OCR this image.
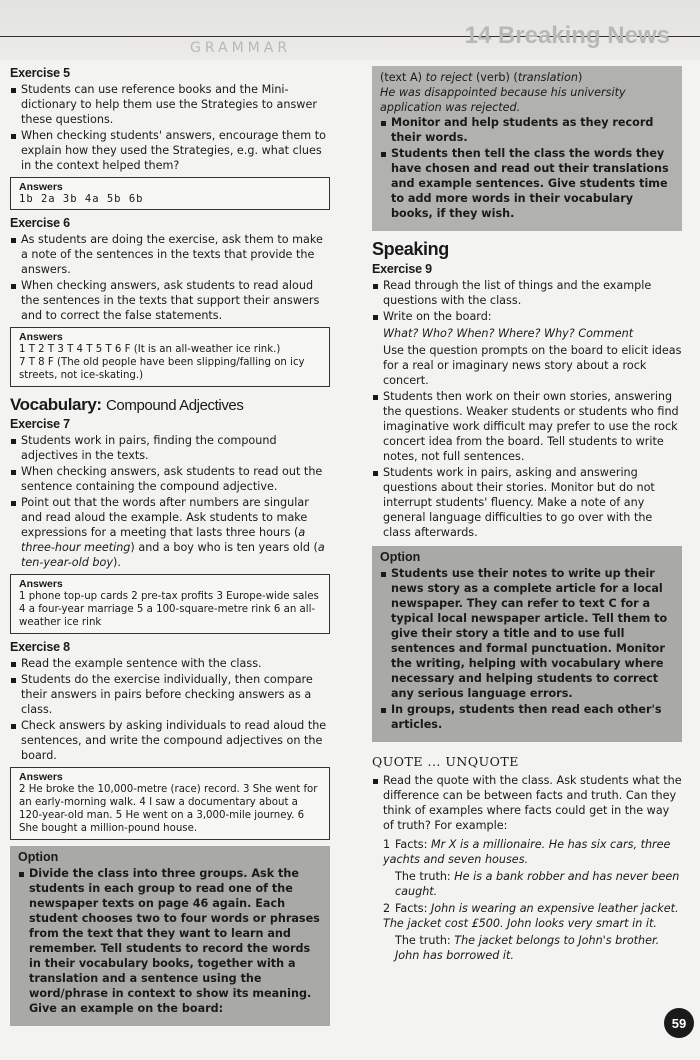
GRAMMAR	14 Breaking News
Exercise 5
Students can use reference books and the Mini-dictionary to help them use the Strategies to answer these questions.
When checking students' answers, encourage them to explain how they used the Strategies, e.g. what clues in the context helped them?
Answers
1b 2a 3b 4a 5b 6b
Exercise 6
As students are doing the exercise, ask them to make a note of the sentences in the texts that provide the answers.
When checking answers, ask students to read aloud the sentences in the texts that support their answers and to correct the false statements.
Answers
1 T 2 T 3 T 4 T 5 T 6 F (It is an all-weather ice rink.)
7 T 8 F (The old people have been slipping/falling on icy streets, not ice-skating.)
Vocabulary: Compound Adjectives
Exercise 7
Students work in pairs, finding the compound adjectives in the texts.
When checking answers, ask students to read out the sentence containing the compound adjective.
Point out that the words after numbers are singular and read aloud the example. Ask students to make expressions for a meeting that lasts three hours (a three-hour meeting) and a boy who is ten years old (a ten-year-old boy).
Answers
1 phone top-up cards 2 pre-tax profits 3 Europe-wide sales 4 a four-year marriage 5 a 100-square-metre rink 6 an all-weather ice rink
Exercise 8
Read the example sentence with the class.
Students do the exercise individually, then compare their answers in pairs before checking answers as a class.
Check answers by asking individuals to read aloud the sentences, and write the compound adjectives on the board.
Answers
2 He broke the 10,000-metre (race) record. 3 She went for an early-morning walk. 4 I saw a documentary about a 120-year-old man. 5 He went on a 3,000-mile journey. 6 She bought a million-pound house.
Option
Divide the class into three groups. Ask the students in each group to read one of the newspaper texts on page 46 again. Each student chooses two to four words or phrases from the text that they want to learn and remember. Tell students to record the words in their vocabulary books, together with a translation and a sentence using the word/phrase in context to show its meaning. Give an example on the board:
(text A) to reject (verb) (translation)
He was disappointed because his university application was rejected.
Monitor and help students as they record their words.
Students then tell the class the words they have chosen and read out their translations and example sentences. Give students time to add more words in their vocabulary books, if they wish.
Speaking
Exercise 9
Read through the list of things and the example questions with the class.
Write on the board:
What? Who? When? Where? Why? Comment
Use the question prompts on the board to elicit ideas for a real or imaginary news story about a rock concert.
Students then work on their own stories, answering the questions. Weaker students or students who find imaginative work difficult may prefer to use the rock concert idea from the board. Tell students to write notes, not full sentences.
Students work in pairs, asking and answering questions about their stories. Monitor but do not interrupt students' fluency. Make a note of any general language difficulties to go over with the class afterwards.
Option
Students use their notes to write up their news story as a complete article for a local newspaper. They can refer to text C for a typical local newspaper article. Tell them to give their story a title and to use full sentences and formal punctuation. Monitor the writing, helping with vocabulary where necessary and helping students to correct any serious language errors.
In groups, students then read each other's articles.
QUOTE ... UNQUOTE
Read the quote with the class. Ask students what the difference can be between facts and truth. Can they think of examples where facts could get in the way of truth? For example:
1 Facts: Mr X is a millionaire. He has six cars, three yachts and seven houses.
The truth: He is a bank robber and has never been caught.
2 Facts: John is wearing an expensive leather jacket. The jacket cost £500. John looks very smart in it.
The truth: The jacket belongs to John's brother. John has borrowed it.
59
